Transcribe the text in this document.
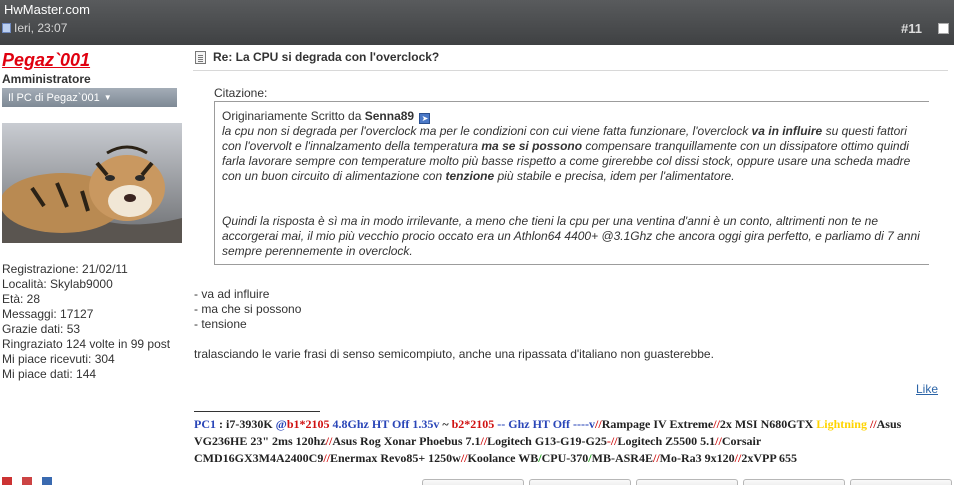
HwMaster.com
Ieri, 23:07	#11
Pegaz`001
Amministratore
Il PC di Pegaz`001 ▼
Registrazione: 21/02/11
Località: Skylab9000
Età: 28
Messaggi: 17127
Grazie dati: 53
Ringraziato 124 volte in 99 post
Mi piace ricevuti: 304
Mi piace dati: 144
Re: La CPU si degrada con l'overclock?
Citazione:
Originariamente Scritto da Senna89 ➤
la cpu non si degrada per l'overclock ma per le condizioni con cui viene fatta funzionare, l'overclock va in influire su questi fattori con l'overvolt e l'innalzamento della temperatura ma se si possono compensare tranquillamente con un dissipatore ottimo quindi farla lavorare sempre con temperature molto più basse rispetto a come girerebbe col dissi stock, oppure usare una scheda madre con un buon circuito di alimentazione con tenzione più stabile e precisa, idem per l'alimentatore.
Quindi la risposta è sì ma in modo irrilevante, a meno che tieni la cpu per una ventina d'anni è un conto, altrimenti non te ne accorgerai mai, il mio più vecchio procio occato era un Athlon64 4400+ @3.1Ghz che ancora oggi gira perfetto, e parliamo di 7 anni sempre perennemente in overclock.
- va ad influire
- ma che si possono
- tensione
tralasciando le varie frasi di senso semicompiuto, anche una ripassata d'italiano non guasterebbe.
Like
PC1 : i7-3930K @b1*2105 4.8Ghz HT Off 1.35v ~ b2*2105 -- Ghz HT Off ----v//Rampage IV Extreme//2x MSI N680GTX Lightning //Asus VG236HE 23" 2ms 120hz//Asus Rog Xonar Phoebus 7.1//Logitech G13-G19-G25-//Logitech Z5500 5.1//Corsair CMD16GX3M4A2400C9//Enermax Revo85+ 1250w//Koolance WB/CPU-370/MB-ASR4E//Mo-Ra3 9x120//2xVPP 655
